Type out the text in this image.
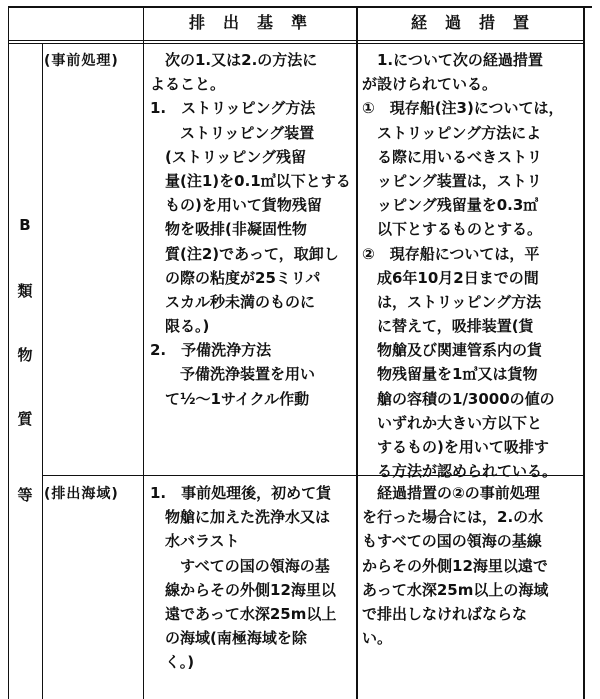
排出基準	経過措置
B
類
物
質
等
(事前処理)
(排出海域)
　次の1.又は2.の方法に
よること。
1.　ストリッピング方法
　　ストリッピング装置
　(ストリッピング残留
　量(注1)を0.1㎥以下とする
　もの)を用いて貨物残留
　物を吸排(非凝固性物
　質(注2)であって，取卸し
　の際の粘度が25ミリパ
　スカル秒未満のものに
　限る。)
2.　予備洗浄方法
　　予備洗浄装置を用い
　て½～1サイクル作動
　1.について次の経過措置
が設けられている。
①　現存船(注3)については，
　ストリッピング方法によ
　る際に用いるべきストリ
　ッピング装置は，ストリ
　ッピング残留量を0.3㎥
　以下とするものとする。
②　現存船については，平
　成6年10月2日までの間
　は，ストリッピング方法
　に替えて，吸排装置(貨
　物艙及び関連管系内の貨
　物残留量を1㎥又は貨物
　艙の容積の1/3000の値の
　いずれか大きい方以下と
　するもの)を用いて吸排す
　る方法が認められている。
1.　事前処理後，初めて貨
　物艙に加えた洗浄水又は
　水バラスト
　　すべての国の領海の基
　線からその外側12海里以
　遠であって水深25m以上
　の海域(南極海域を除
　く。)
　経過措置の②の事前処理
を行った場合には，2.の水
もすべての国の領海の基線
からその外側12海里以遠で
あって水深25m以上の海域
で排出しなければならな
い。
